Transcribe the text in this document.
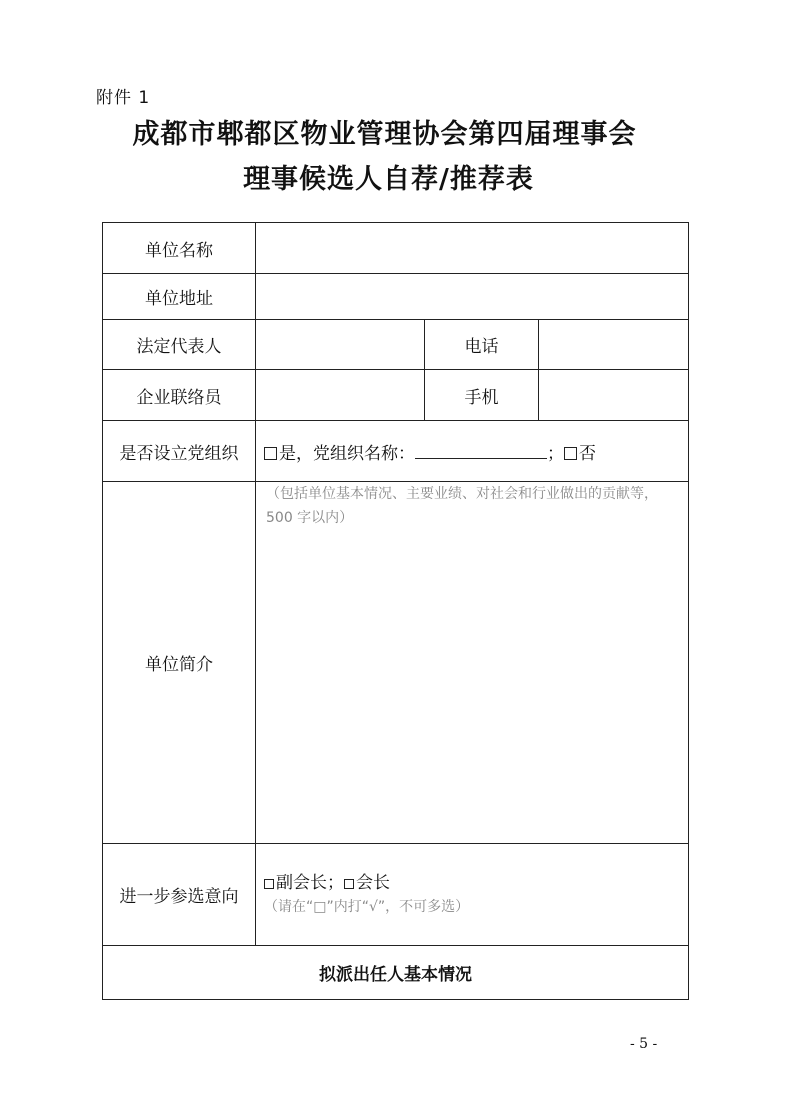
附件 1
成都市郫都区物业管理协会第四届理事会
理事候选人自荐/推荐表
单位名称			
单位地址			
法定代表人		电话	
企业联络员		手机	
是否设立党组织	是，党组织名称： ； 否		
单位简介	（包括单位基本情况、主要业绩、对社会和行业做出的贡献等，500 字以内）		

进一步参选意向	副会长； 会长
（请在“□”内打“√”，不可多选）		

拟派出任人基本情况			
- 5 -
